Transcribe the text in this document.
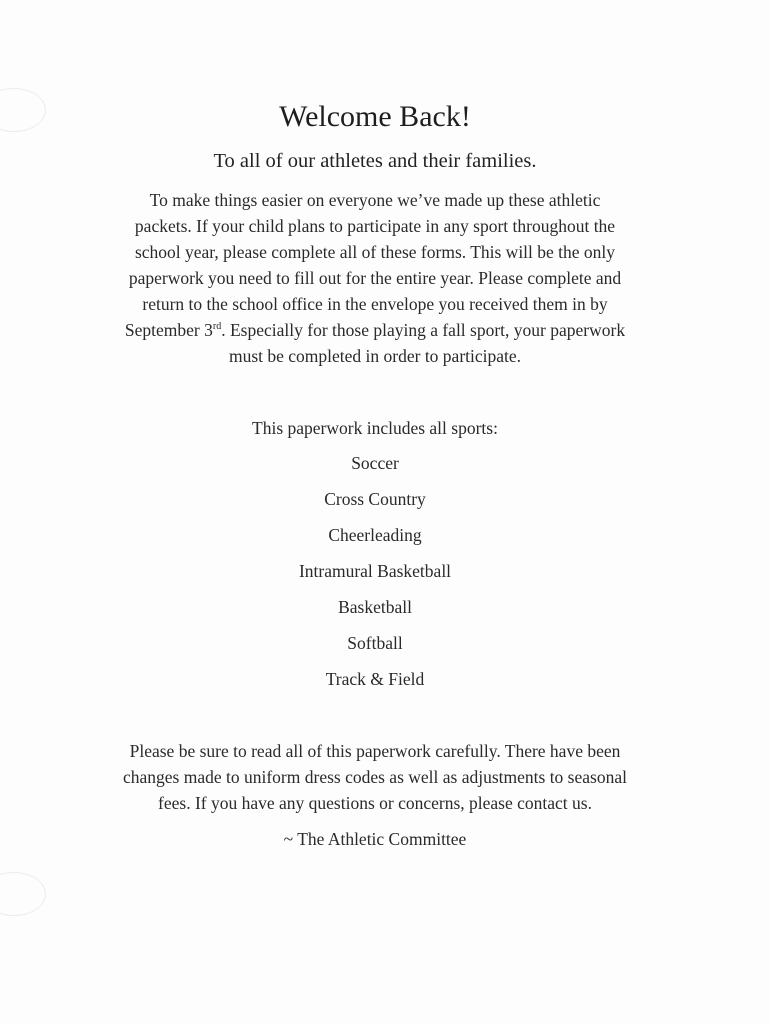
Welcome Back!
To all of our athletes and their families.
To make things easier on everyone we’ve made up these athletic
packets. If your child plans to participate in any sport throughout the
school year, please complete all of these forms. This will be the only
paperwork you need to fill out for the entire year. Please complete and
return to the school office in the envelope you received them in by
September 3rd. Especially for those playing a fall sport, your paperwork
must be completed in order to participate.
This paperwork includes all sports:
Soccer
Cross Country
Cheerleading
Intramural Basketball
Basketball
Softball
Track & Field
Please be sure to read all of this paperwork carefully. There have been
changes made to uniform dress codes as well as adjustments to seasonal
fees. If you have any questions or concerns, please contact us.
~ The Athletic Committee
